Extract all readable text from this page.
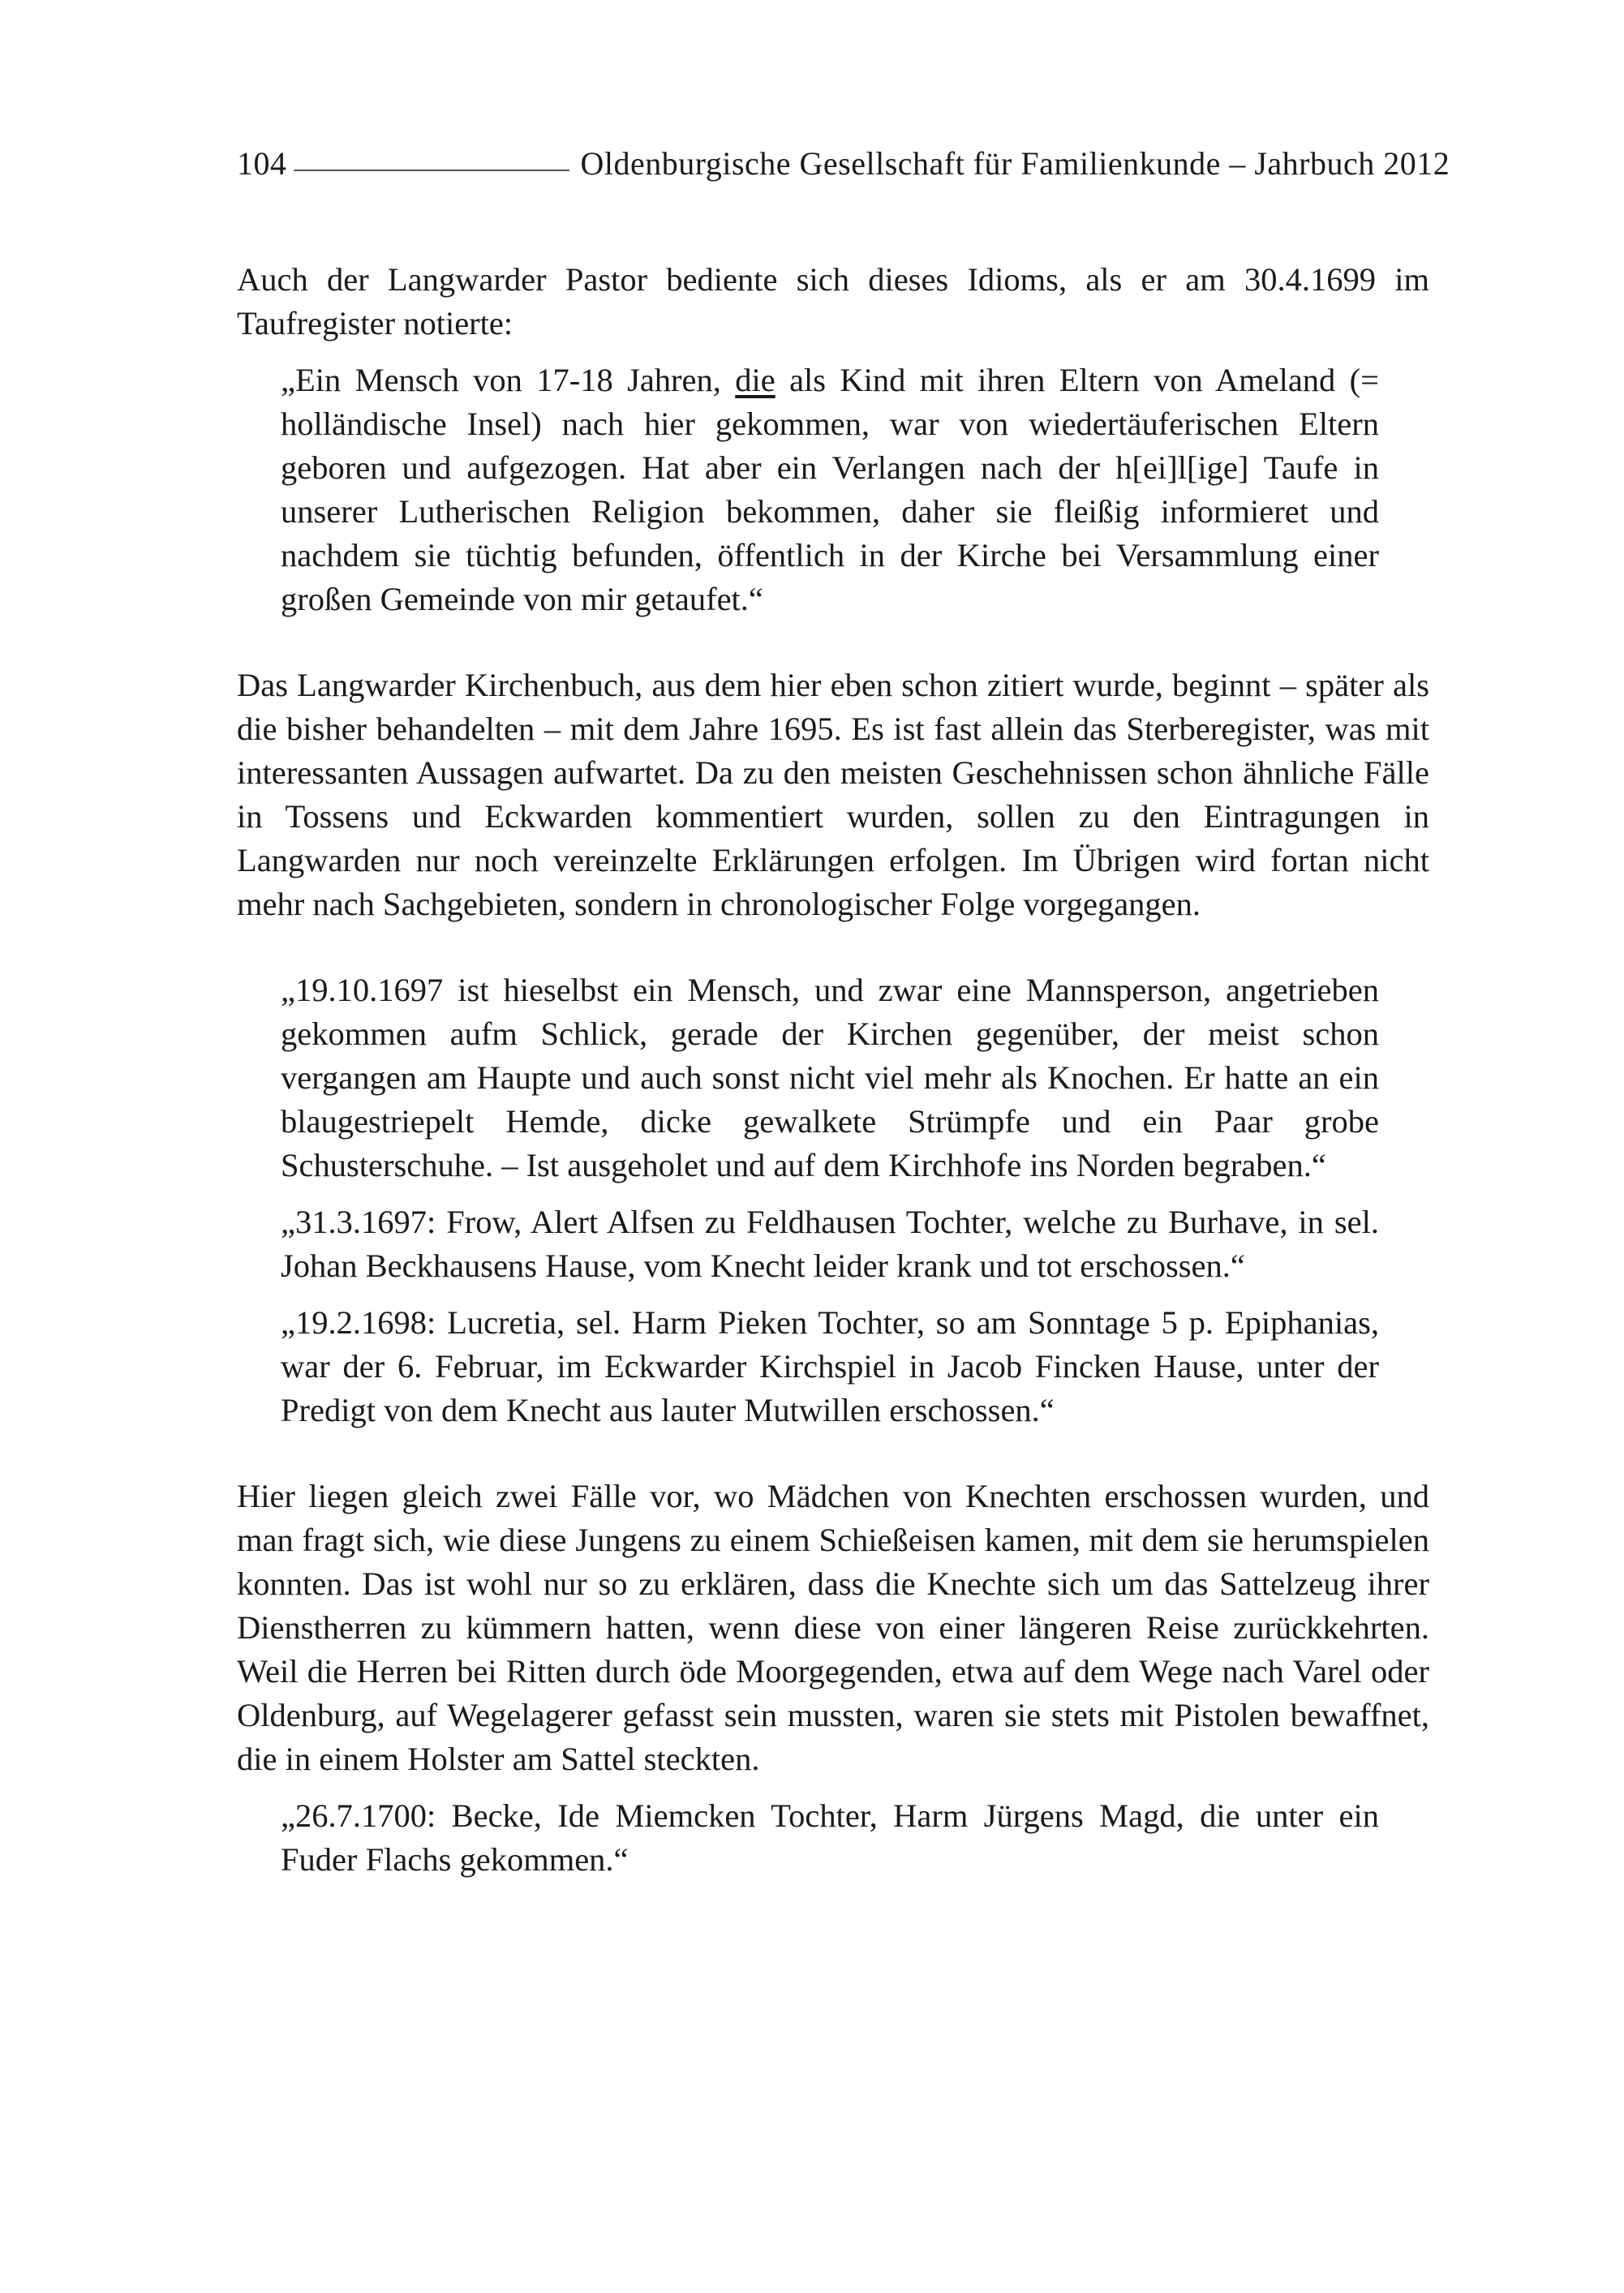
104	Oldenburgische Gesellschaft für Familienkunde – Jahrbuch 2012

Auch der Langwarder Pastor bediente sich dieses Idioms, als er am 30.4.1699 im Taufregister notierte:

„Ein Mensch von 17-18 Jahren, die als Kind mit ihren Eltern von Ameland (= holländische Insel) nach hier gekommen, war von wiedertäuferischen Eltern geboren und aufgezogen. Hat aber ein Verlangen nach der h[ei]l[ige] Taufe in unserer Lutherischen Religion bekommen, daher sie fleißig informieret und nachdem sie tüchtig befunden, öffentlich in der Kirche bei Versammlung einer großen Gemeinde von mir getaufet.“

Das Langwarder Kirchenbuch, aus dem hier eben schon zitiert wurde, beginnt – später als die bisher behandelten – mit dem Jahre 1695. Es ist fast allein das Sterberegister, was mit interessanten Aussagen aufwartet. Da zu den meisten Geschehnissen schon ähnliche Fälle in Tossens und Eckwarden kommentiert wurden, sollen zu den Eintragungen in Langwarden nur noch vereinzelte Erklärungen erfolgen. Im Übrigen wird fortan nicht mehr nach Sachgebieten, sondern in chronologischer Folge vorgegangen.

„19.10.1697 ist hieselbst ein Mensch, und zwar eine Mannsperson, angetrieben gekommen aufm Schlick, gerade der Kirchen gegenüber, der meist schon vergangen am Haupte und auch sonst nicht viel mehr als Knochen. Er hatte an ein blaugestriepelt Hemde, dicke gewalkete Strümpfe und ein Paar grobe Schusterschuhe. – Ist ausgeholet und auf dem Kirchhofe ins Norden begraben.“

„31.3.1697: Frow, Alert Alfsen zu Feldhausen Tochter, welche zu Burhave, in sel. Johan Beckhausens Hause, vom Knecht leider krank und tot erschossen.“

„19.2.1698: Lucretia, sel. Harm Pieken Tochter, so am Sonntage 5 p. Epiphanias, war der 6. Februar, im Eckwarder Kirchspiel in Jacob Fincken Hause, unter der Predigt von dem Knecht aus lauter Mutwillen erschossen.“

Hier liegen gleich zwei Fälle vor, wo Mädchen von Knechten erschossen wurden, und man fragt sich, wie diese Jungens zu einem Schießeisen kamen, mit dem sie herumspielen konnten. Das ist wohl nur so zu erklären, dass die Knechte sich um das Sattelzeug ihrer Dienstherren zu kümmern hatten, wenn diese von einer längeren Reise zurückkehrten. Weil die Herren bei Ritten durch öde Moorgegenden, etwa auf dem Wege nach Varel oder Oldenburg, auf Wegelagerer gefasst sein mussten, waren sie stets mit Pistolen bewaffnet, die in einem Holster am Sattel steckten.

„26.7.1700: Becke, Ide Miemcken Tochter, Harm Jürgens Magd, die unter ein Fuder Flachs gekommen.“
